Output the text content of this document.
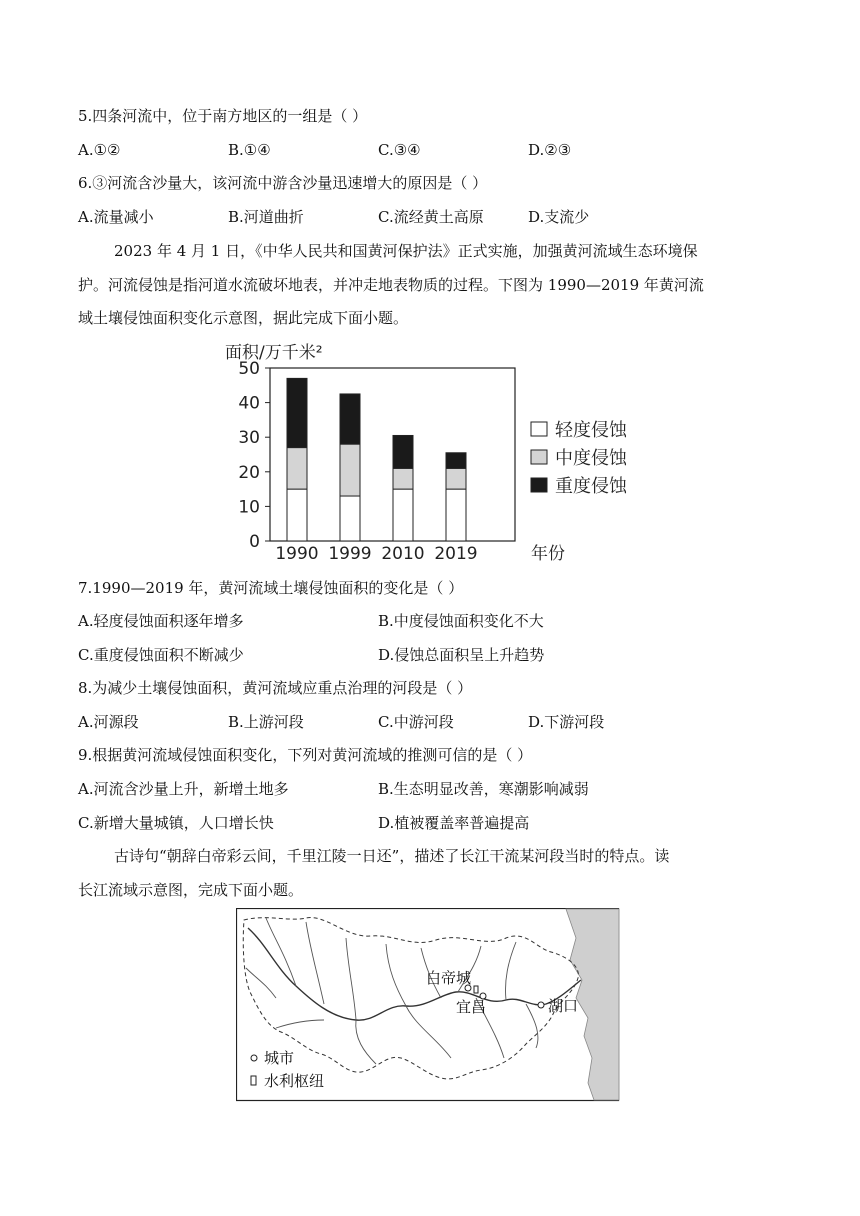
5.四条河流中，位于南方地区的一组是（ ）
A.①②	B.①④	C.③④	D.②③
6.③河流含沙量大，该河流中游含沙量迅速增大的原因是（ ）
A.流量减小	B.河道曲折	C.流经黄土高原	D.支流少
2023 年 4 月 1 日，《中华人民共和国黄河保护法》正式实施，加强黄河流域生态环境保
护。河流侵蚀是指河道水流破坏地表，并冲走地表物质的过程。下图为 1990—2019 年黄河流
域土壤侵蚀面积变化示意图，据此完成下面小题。
面积/万千米²
0
10
20
30
40
50
1990 1999 2010 2019	年份
轻度侵蚀
中度侵蚀
重度侵蚀
7.1990—2019 年，黄河流域土壤侵蚀面积的变化是（ ）
A.轻度侵蚀面积逐年增多	B.中度侵蚀面积变化不大
C.重度侵蚀面积不断减少	D.侵蚀总面积呈上升趋势
8.为减少土壤侵蚀面积，黄河流域应重点治理的河段是（ ）
A.河源段	B.上游河段	C.中游河段	D.下游河段
9.根据黄河流域侵蚀面积变化，下列对黄河流域的推测可信的是（ ）
A.河流含沙量上升，新增土地多	B.生态明显改善，寒潮影响减弱
C.新增大量城镇，人口增长快	D.植被覆盖率普遍提高
古诗句“朝辞白帝彩云间，千里江陵一日还”，描述了长江干流某河段当时的特点。读
长江流域示意图，完成下面小题。
白帝城
宜昌	湖口
城市
水利枢纽
